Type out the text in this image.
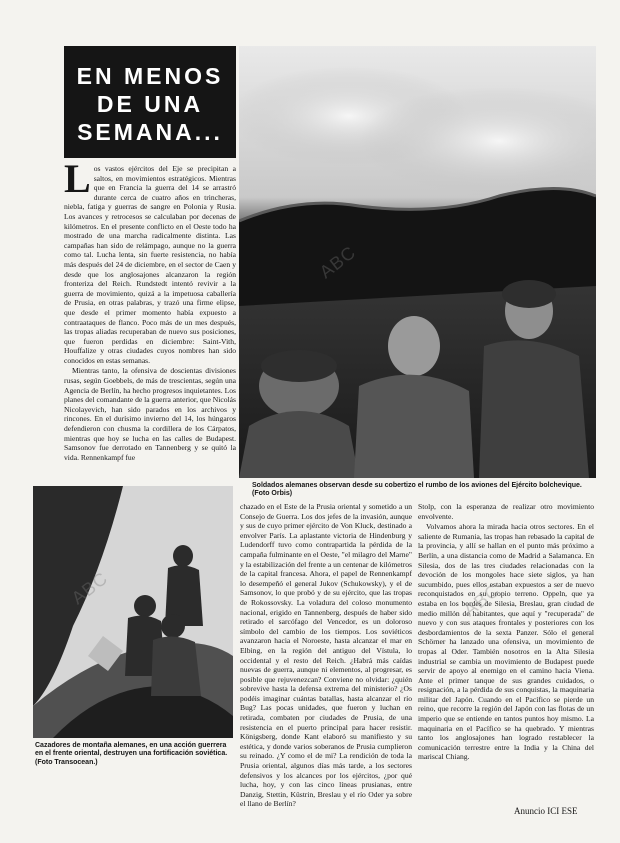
EN MENOS
DE UNA
SEMANA...
Soldados alemanes observan desde su cobertizo el rumbo de los aviones del Ejército bolchevique. (Foto Orbis)

L os vastos ejércitos del Eje se precipitan a saltos, en movimientos estratégicos. Mientras que en Francia la guerra del 14 se arrastró durante cerca de cuatro años en trincheras, niebla, fatiga y guerras de sangre en Polonia y Rusia. Los avances y retrocesos se calculaban por decenas de kilómetros. En el presente conflicto en el Oeste todo ha mostrado de una marcha radicalmente distinta. Las campañas han sido de relámpago, aunque no la guerra como tal. Lucha lenta, sin fuerte resistencia, no había más después del 24 de diciembre, en el sector de Caen y desde que los anglosajones alcanzaron la región fronteriza del Reich. Rundstedt intentó revivir a la guerra de movimiento, quizá a la impetuosa caballería de Prusia, en otras palabras, y trazó una firme elipse, que desde el primer momento había expuesto a contraataques de flanco. Poco más de un mes después, las tropas aliadas recuperaban de nuevo sus posiciones, que fueron perdidas en diciembre: Saint-Vith, Houffalize y otras ciudades cuyos nombres han sido conocidos en estas semanas.

Mientras tanto, la ofensiva de doscientas divisiones rusas, según Goebbels, de más de trescientas, según una Agencia de Berlín, ha hecho progresos inquietantes. Los planes del comandante de la guerra anterior, que Nicolás Nicolayevich, han sido parados en los archivos y rincones. En el durísimo invierno del 14, los húngaros defendieron con chusma la cordillera de los Cárpatos, mientras que hoy se lucha en las calles de Budapest. Samsonov fue derrotado en Tannenberg y se quitó la vida. Rennenkampf fue

Cazadores de montaña alemanes, en una acción guerrera en el frente oriental, destruyen una fortificación soviética. (Foto Transocean.)

chazado en el Este de la Prusia oriental y sometido a un Consejo de Guerra. Los dos jefes de la invasión, aunque y sus de cuyo primer ejército de Von Kluck, destinado a envolver París. La aplastante victoria de Hindenburg y Ludendorff tuvo como contrapartida la pérdida de la campaña fulminante en el Oeste, "el milagro del Marne" y la estabilización del frente a un centenar de kilómetros de la capital francesa. Ahora, el papel de Rennenkampf lo desempeñó el general Jukov (Schukowsky), y el de Samsonov, lo que probó y de su ejército, que las tropas de Rokossovsky. La voladura del coloso monumento nacional, erigido en Tannenberg, después de haber sido retirado el sarcófago del Vencedor, es un doloroso símbolo del cambio de los tiempos. Los soviéticos avanzaron hacia el Noroeste, hasta alcanzar el mar en Elbing, en la región del antiguo del Vístula, lo occidental y el resto del Reich. ¿Habrá más caídas nuevas de guerra, aunque ni elementos, al progresar, es posible que rejuvenezcan? Conviene no olvidar: ¿quién sobrevive hasta la defensa extrema del ministerio? ¿Os podéis imaginar cuántas batallas, hasta alcanzar el río Bug? Las pocas unidades, que fueron y luchan en retirada, combaten por ciudades de Prusia, de una resistencia en el puerto principal para hacer resistir. Königsberg, donde Kant elaboró su manifiesto y su estética, y donde varios soberanos de Prusia cumplieron su reinado. ¿Y como el de mi? La rendición de toda la Prusia oriental, algunos días más tarde, a los sectores defensivos y los alcances por los ejércitos, ¿por qué lucha, hoy, y con las cinco líneas prusianas, entre Danzig, Stettin, Küstrin, Breslau y el río Oder ya sobre el llano de Berlín?

Stolp, con la esperanza de realizar otro movimiento envolvente.

Volvamos ahora la mirada hacia otros sectores. En el saliente de Rumania, las tropas han rebasado la capital de la provincia, y allí se hallan en el punto más próximo a Berlín, a una distancia como de Madrid a Salamanca. En Silesia, dos de las tres ciudades relacionadas con la devoción de los mongoles hace siete siglos, ya han sucumbido, pues ellos estaban expuestos a ser de nuevo reconquistados en su propio terreno. Oppeln, que ya estaba en los bordes de Silesia, Breslau, gran ciudad de medio millón de habitantes, que aquí y "recuperada" de nuevo y con sus ataques frontales y posteriores con los desbordamientos de la sexta Panzer. Sólo el general Schörner ha lanzado una ofensiva, un movimiento de tropas al Oder. También nosotros en la Alta Silesia industrial se cambia un movimiento de Budapest puede servir de apoyo al enemigo en el camino hacia Viena. Ante el primer tanque de sus grandes cuidados, o resignación, a la pérdida de sus conquistas, la maquinaria militar del Japón. Cuando en el Pacífico se pierde un reino, que recorre la región del Japón con las flotas de un imperio que se entiende en tantos puntos hoy mismo. La maquinaria en el Pacífico se ha quebrado. Y mientras tanto los anglosajones han logrado restablecer la comunicación terrestre entre la India y la China del mariscal Chiang.

Anuncio ICI ESE
ABC
ABC	ABC
